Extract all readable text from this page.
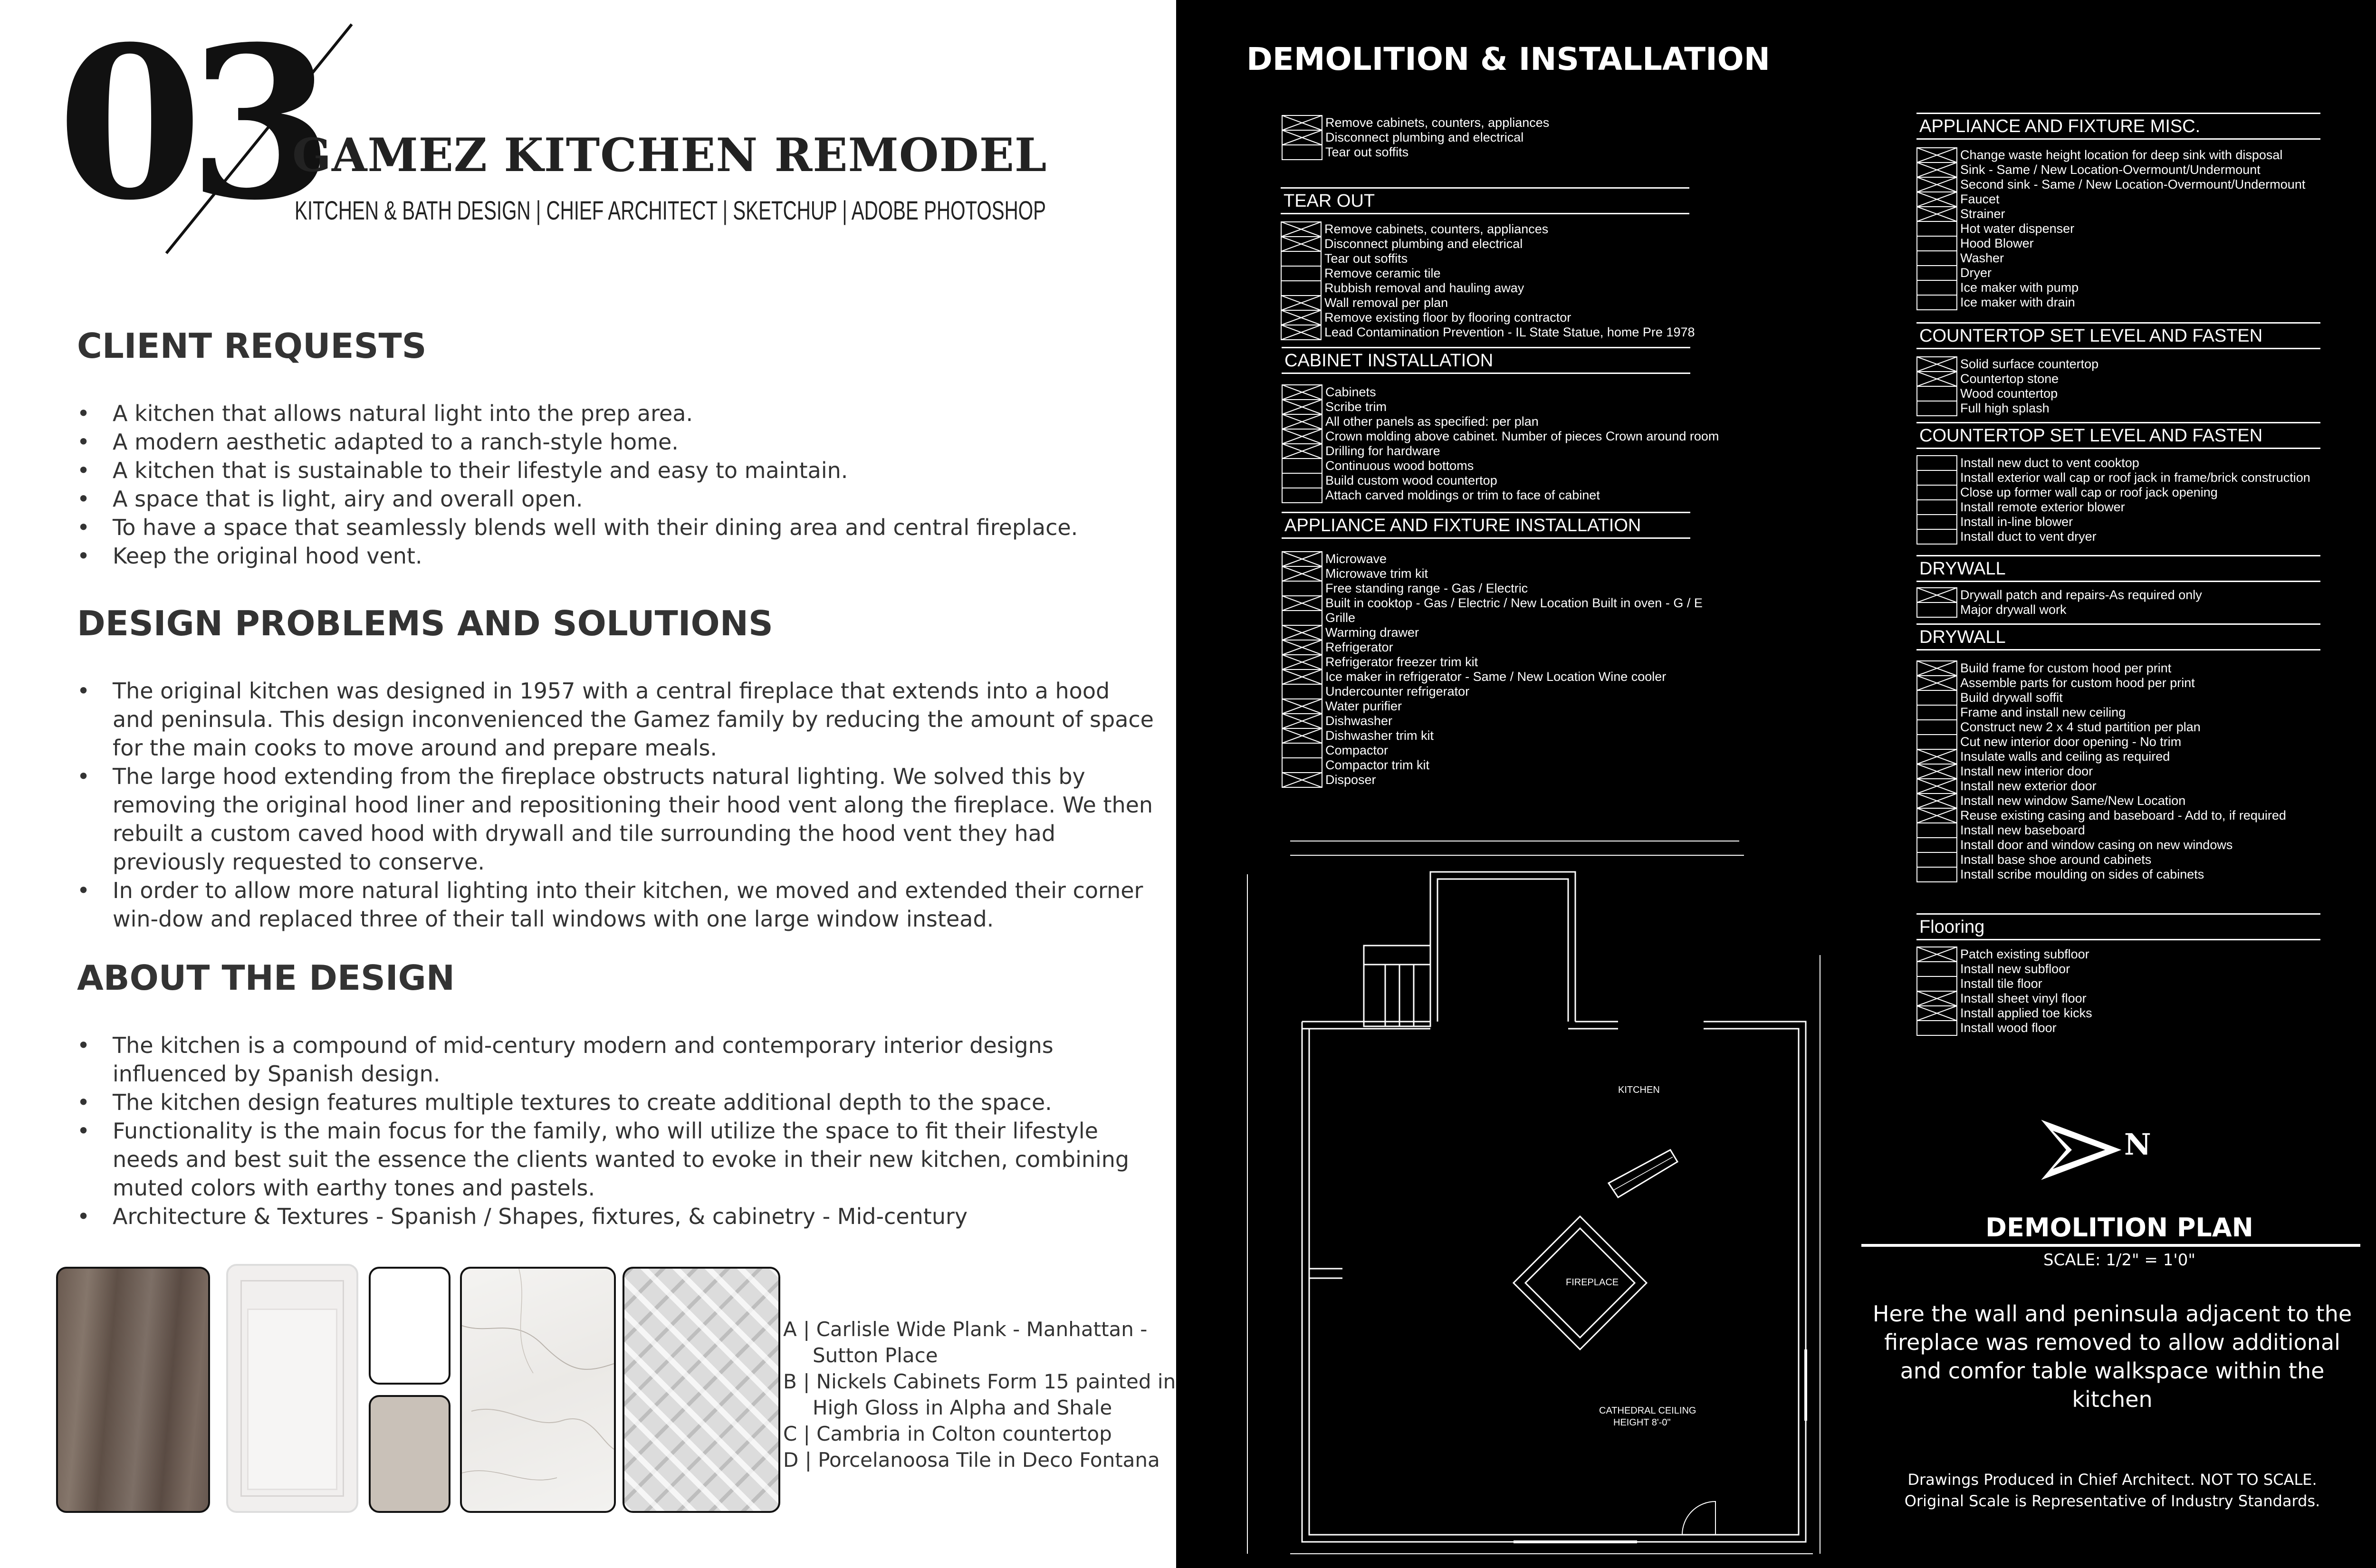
03
GAMEZ KITCHEN REMODEL
KITCHEN & BATH DESIGN | CHIEF ARCHITECT | SKETCHUP | ADOBE PHOTOSHOP
CLIENT REQUESTS
• A kitchen that allows natural light into the prep area.
• A modern aesthetic adapted to a ranch-style home.
• A kitchen that is sustainable to their lifestyle and easy to maintain.
• A space that is light, airy and overall open.
• To have a space that seamlessly blends well with their dining area and central fireplace.
• Keep the original hood vent.
DESIGN PROBLEMS AND SOLUTIONS
• The original kitchen was designed in 1957 with a central fireplace that extends into a hood and peninsula. This design inconvenienced the Gamez family by reducing the amount of space for the main cooks to move around and prepare meals.
• The large hood extending from the fireplace obstructs natural lighting. We solved this by removing the original hood liner and repositioning their hood vent along the fireplace. We then rebuilt a custom caved hood with drywall and tile surrounding the hood vent they had previously requested to conserve.
• In order to allow more natural lighting into their kitchen, we moved and extended their corner win-dow and replaced three of their tall windows with one large window instead.
ABOUT THE DESIGN
• The kitchen is a compound of mid-century modern and contemporary interior designs influenced by Spanish design.
• The kitchen design features multiple textures to create additional depth to the space.
• Functionality is the main focus for the family, who will utilize the space to fit their lifestyle needs and best suit the essence the clients wanted to evoke in their new kitchen, combining muted colors with earthy tones and pastels.
• Architecture & Textures - Spanish / Shapes, fixtures, & cabinetry - Mid-century
A | Carlisle Wide Plank - Manhattan - Sutton Place
B | Nickels Cabinets Form 15 painted in High Gloss in Alpha and Shale
C | Cambria in Colton countertop
D | Porcelanoosa Tile in Deco Fontana
DEMOLITION & INSTALLATION
Remove cabinets, counters, appliances
Disconnect plumbing and electrical
Tear out soffits
TEAR OUT
Remove cabinets, counters, appliances
Disconnect plumbing and electrical
Tear out soffits
Remove ceramic tile
Rubbish removal and hauling away
Wall removal per plan
Remove existing floor by flooring contractor
Lead Contamination Prevention - IL State Statue, home Pre 1978
CABINET INSTALLATION
Cabinets
Scribe trim
All other panels as specified: per plan
Crown molding above cabinet. Number of pieces Crown around room
Drilling for hardware
Continuous wood bottoms
Build custom wood countertop
Attach carved moldings or trim to face of cabinet
APPLIANCE AND FIXTURE INSTALLATION
Microwave
Microwave trim kit
Free standing range - Gas / Electric
Built in cooktop - Gas / Electric / New Location Built in oven - G / E
Grille
Warming drawer
Refrigerator
Refrigerator freezer trim kit
Ice maker in refrigerator - Same / New Location Wine cooler
Undercounter refrigerator
Water purifier
Dishwasher
Dishwasher trim kit
Compactor
Compactor trim kit
Disposer
APPLIANCE AND FIXTURE MISC.
Change waste height location for deep sink with disposal
Sink - Same / New Location-Overmount/Undermount
Second sink - Same / New Location-Overmount/Undermount
Faucet
Strainer
Hot water dispenser
Hood Blower
Washer
Dryer
Ice maker with pump
Ice maker with drain
COUNTERTOP SET LEVEL AND FASTEN
Solid surface countertop
Countertop stone
Wood countertop
Full high splash
COUNTERTOP SET LEVEL AND FASTEN
Install new duct to vent cooktop
Install exterior wall cap or roof jack in frame/brick construction
Close up former wall cap or roof jack opening
Install remote exterior blower
Install in-line blower
Install duct to vent dryer
DRYWALL
Drywall patch and repairs-As required only
Major drywall work
DRYWALL
Build frame for custom hood per print
Assemble parts for custom hood per print
Build drywall soffit
Frame and install new ceiling
Construct new 2 x 4 stud partition per plan
Cut new interior door opening - No trim
Insulate walls and ceiling as required
Install new interior door
Install new exterior door
Install new window Same/New Location
Reuse existing casing and baseboard - Add to, if required
Install new baseboard
Install door and window casing on new windows
Install base shoe around cabinets
Install scribe moulding on sides of cabinets
Flooring
Patch existing subfloor
Install new subfloor
Install tile floor
Install sheet vinyl floor
Install applied toe kicks
Install wood floor
KITCHEN
FIREPLACE
CATHEDRAL CEILING
HEIGHT 8'-0"
N
DEMOLITION PLAN
SCALE: 1/2" = 1'0"
Here the wall and peninsula adjacent to the fireplace was removed to allow additional and comfor table walkspace within the kitchen
Drawings Produced in Chief Architect. NOT TO SCALE.
Original Scale is Representative of Industry Standards.
